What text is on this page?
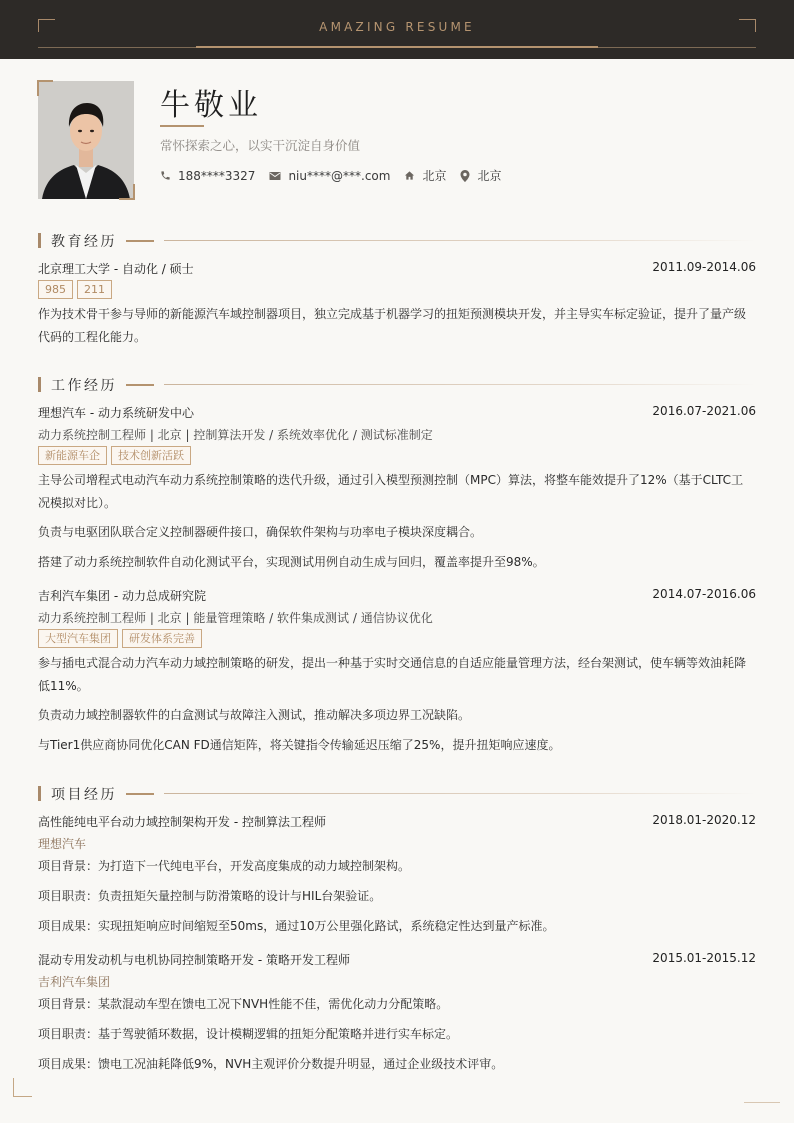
AMAZING RESUME
牛敬业
常怀探索之心，以实干沉淀自身价值
188****3327	niu****@***.com	北京	北京
教育经历
北京理工大学 - 自动化 / 硕士	2011.09-2014.06
985	211
作为技术骨干参与导师的新能源汽车域控制器项目，独立完成基于机器学习的扭矩预测模块开发，并主导实车标定验证，提升了量产级代码的工程化能力。
工作经历
理想汽车 - 动力系统研发中心	2016.07-2021.06
动力系统控制工程师 | 北京 | 控制算法开发 / 系统效率优化 / 测试标准制定
新能源车企	技术创新活跃
主导公司增程式电动汽车动力系统控制策略的迭代升级，通过引入模型预测控制（MPC）算法，将整车能效提升了12%（基于CLTC工况模拟对比）。
负责与电驱团队联合定义控制器硬件接口，确保软件架构与功率电子模块深度耦合。
搭建了动力系统控制软件自动化测试平台，实现测试用例自动生成与回归，覆盖率提升至98%。
吉利汽车集团 - 动力总成研究院	2014.07-2016.06
动力系统控制工程师 | 北京 | 能量管理策略 / 软件集成测试 / 通信协议优化
大型汽车集团	研发体系完善
参与插电式混合动力汽车动力域控制策略的研发，提出一种基于实时交通信息的自适应能量管理方法，经台架测试，使车辆等效油耗降低11%。
负责动力域控制器软件的白盒测试与故障注入测试，推动解决多项边界工况缺陷。
与Tier1供应商协同优化CAN FD通信矩阵，将关键指令传输延迟压缩了25%，提升扭矩响应速度。
项目经历
高性能纯电平台动力域控制架构开发 - 控制算法工程师	2018.01-2020.12
理想汽车
项目背景：为打造下一代纯电平台，开发高度集成的动力域控制架构。
项目职责：负责扭矩矢量控制与防滑策略的设计与HIL台架验证。
项目成果：实现扭矩响应时间缩短至50ms，通过10万公里强化路试，系统稳定性达到量产标准。
混动专用发动机与电机协同控制策略开发 - 策略开发工程师	2015.01-2015.12
吉利汽车集团
项目背景：某款混动车型在馈电工况下NVH性能不佳，需优化动力分配策略。
项目职责：基于驾驶循环数据，设计模糊逻辑的扭矩分配策略并进行实车标定。
项目成果：馈电工况油耗降低9%，NVH主观评价分数提升明显，通过企业级技术评审。
